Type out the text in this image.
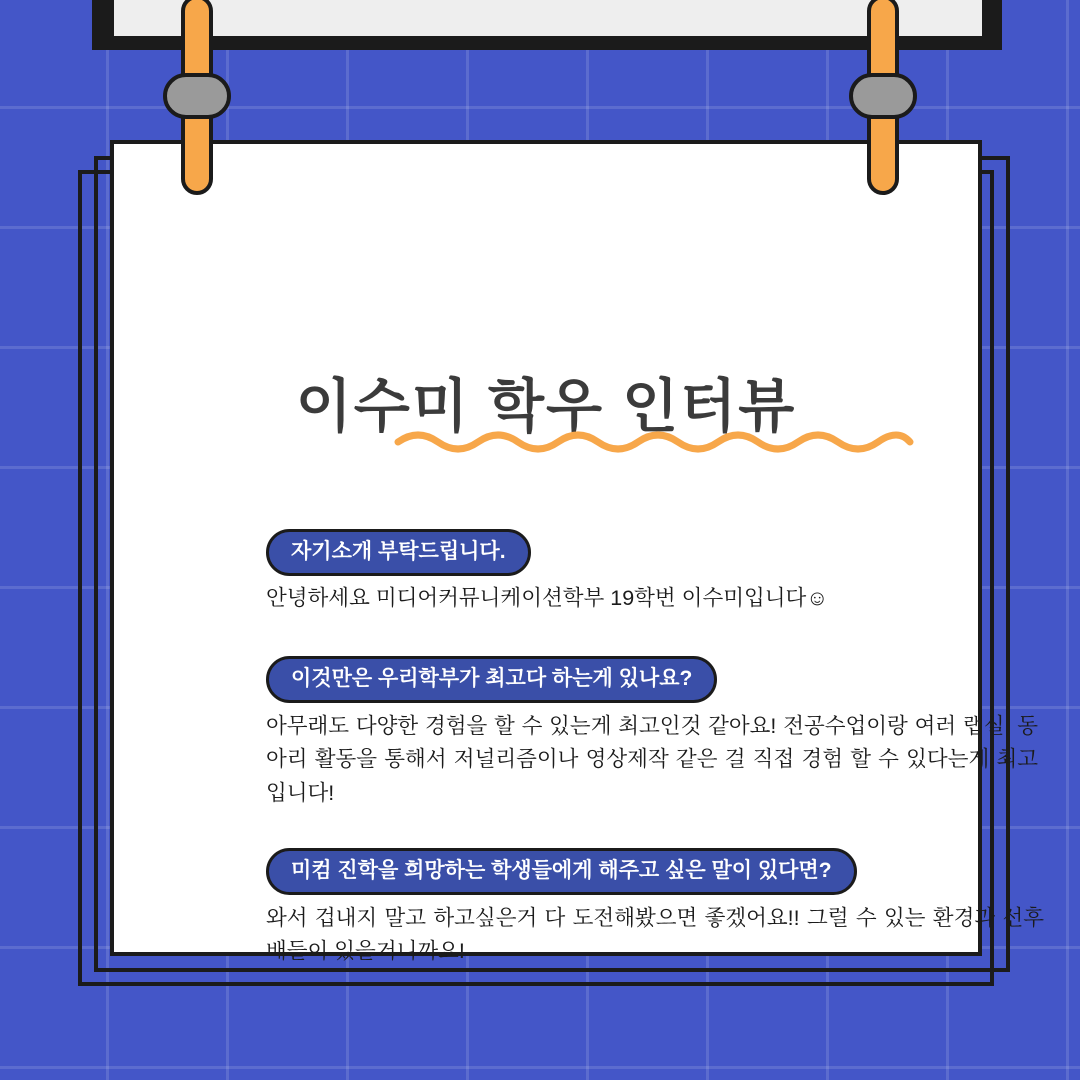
이수미 학우 인터뷰
자기소개 부탁드립니다.

안녕하세요 미디어커뮤니케이션학부 19학번 이수미입니다☺

이것만은 우리학부가 최고다 하는게 있나요?

아무래도 다양한 경험을 할 수 있는게 최고인것 같아요! 전공수업이랑 여러 랩실, 동아리 활동을 통해서 저널리즘이나 영상제작 같은 걸 직접 경험 할 수 있다는게 최고입니다!

미컴 진학을 희망하는 학생들에게 해주고 싶은 말이 있다면?

와서 겁내지 말고 하고싶은거 다 도전해봤으면 좋겠어요!! 그럴 수 있는 환경과 선후배들이 있을거니까요!
